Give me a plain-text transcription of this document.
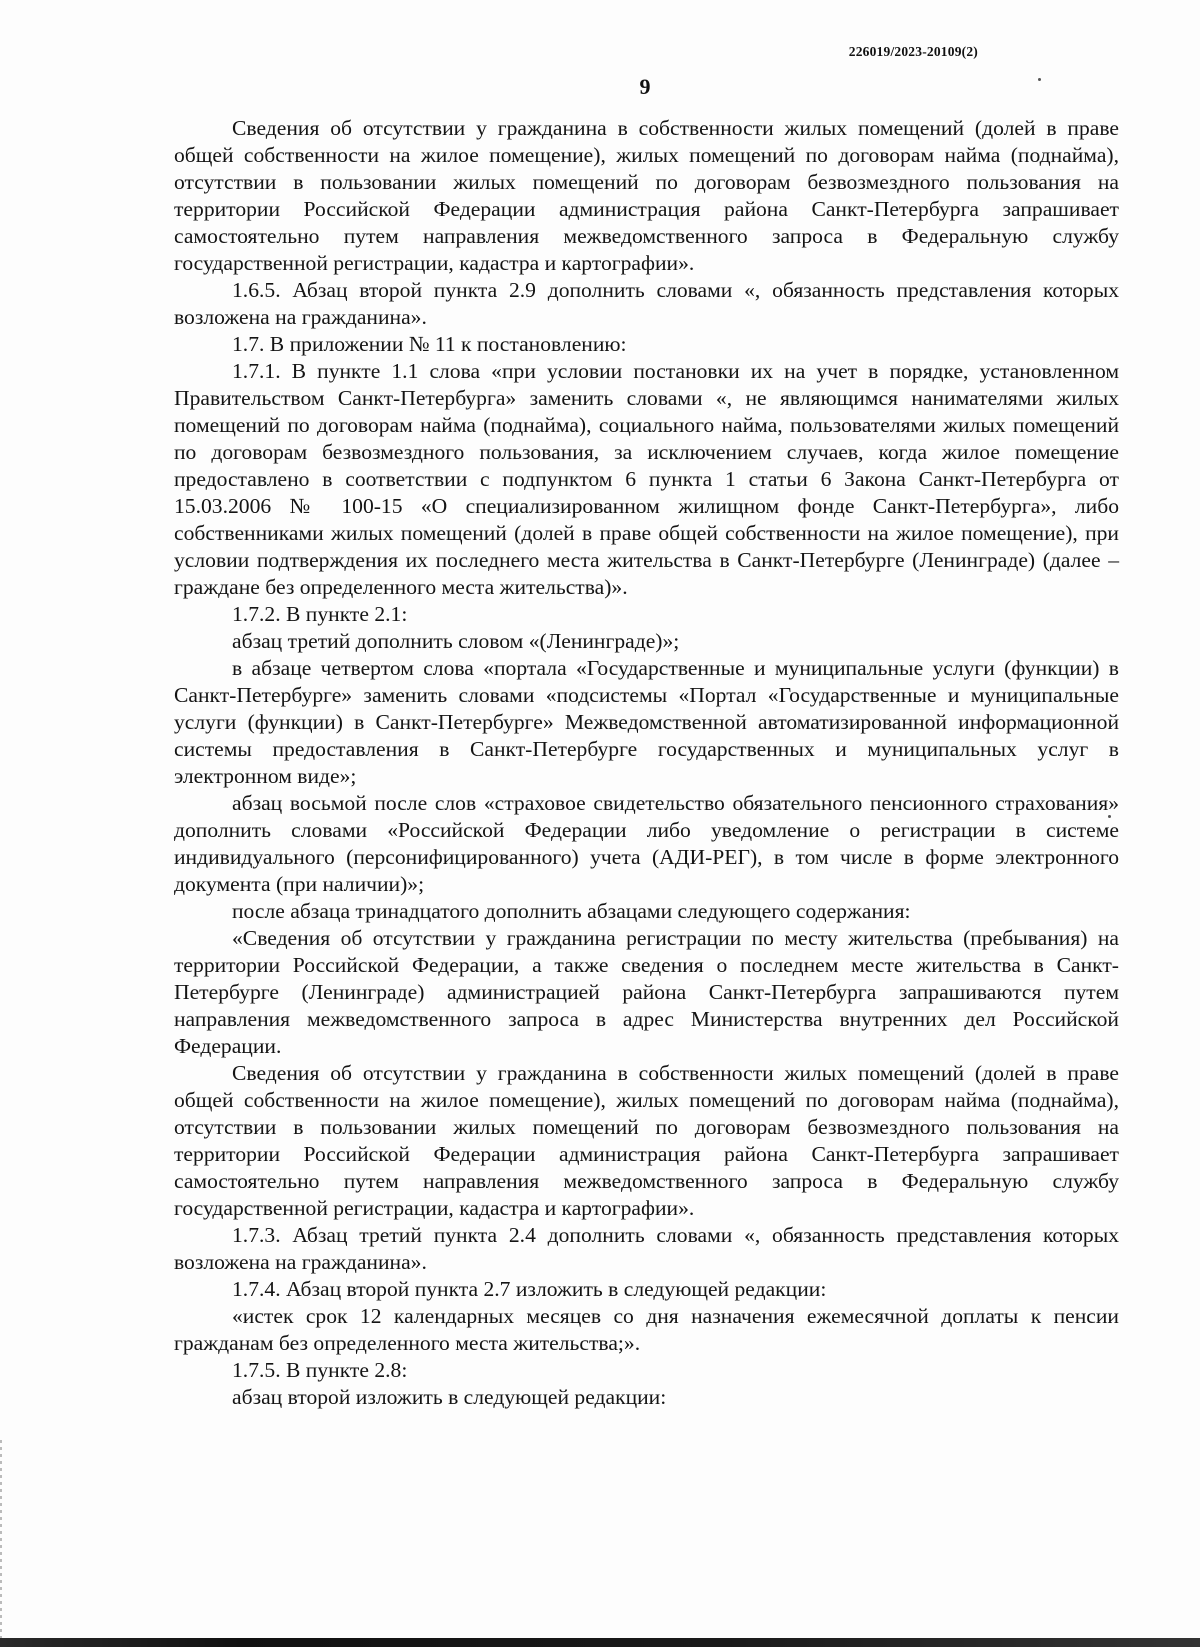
226019/2023-20109(2)
9

Сведения об отсутствии у гражданина в собственности жилых помещений (долей в праве общей собственности на жилое помещение), жилых помещений по договорам найма (поднайма), отсутствии в пользовании жилых помещений по договорам безвозмездного пользования на территории Российской Федерации администрация района Санкт-Петербурга запрашивает самостоятельно путем направления межведомственного запроса в Федеральную службу государственной регистрации, кадастра и картографии».

1.6.5. Абзац второй пункта 2.9 дополнить словами «, обязанность представления которых возложена на гражданина».

1.7. В приложении № 11 к постановлению:

1.7.1. В пункте 1.1 слова «при условии постановки их на учет в порядке, установленном Правительством Санкт-Петербурга» заменить словами «, не являющимся нанимателями жилых помещений по договорам найма (поднайма), социального найма, пользователями жилых помещений по договорам безвозмездного пользования, за исключением случаев, когда жилое помещение предоставлено в соответствии с подпунктом 6 пункта 1 статьи 6 Закона Санкт-Петербурга от 15.03.2006 № 100-15 «О специализированном жилищном фонде Санкт-Петербурга», либо собственниками жилых помещений (долей в праве общей собственности на жилое помещение), при условии подтверждения их последнего места жительства в Санкт-Петербурге (Ленинграде) (далее – граждане без определенного места жительства)».

1.7.2. В пункте 2.1:

абзац третий дополнить словом «(Ленинграде)»;

в абзаце четвертом слова «портала «Государственные и муниципальные услуги (функции) в Санкт-Петербурге» заменить словами «подсистемы «Портал «Государственные и муниципальные услуги (функции) в Санкт-Петербурге» Межведомственной автоматизированной информационной системы предоставления в Санкт-Петербурге государственных и муниципальных услуг в электронном виде»;

абзац восьмой после слов «страховое свидетельство обязательного пенсионного страхования» дополнить словами «Российской Федерации либо уведомление о регистрации в системе индивидуального (персонифицированного) учета (АДИ-РЕГ), в том числе в форме электронного документа (при наличии)»;

после абзаца тринадцатого дополнить абзацами следующего содержания:

«Сведения об отсутствии у гражданина регистрации по месту жительства (пребывания) на территории Российской Федерации, а также сведения о последнем месте жительства в Санкт-Петербурге (Ленинграде) администрацией района Санкт-Петербурга запрашиваются путем направления межведомственного запроса в адрес Министерства внутренних дел Российской Федерации.

Сведения об отсутствии у гражданина в собственности жилых помещений (долей в праве общей собственности на жилое помещение), жилых помещений по договорам найма (поднайма), отсутствии в пользовании жилых помещений по договорам безвозмездного пользования на территории Российской Федерации администрация района Санкт-Петербурга запрашивает самостоятельно путем направления межведомственного запроса в Федеральную службу государственной регистрации, кадастра и картографии».

1.7.3. Абзац третий пункта 2.4 дополнить словами «, обязанность представления которых возложена на гражданина».

1.7.4. Абзац второй пункта 2.7 изложить в следующей редакции:

«истек срок 12 календарных месяцев со дня назначения ежемесячной доплаты к пенсии гражданам без определенного места жительства;».

1.7.5. В пункте 2.8:

абзац второй изложить в следующей редакции:
